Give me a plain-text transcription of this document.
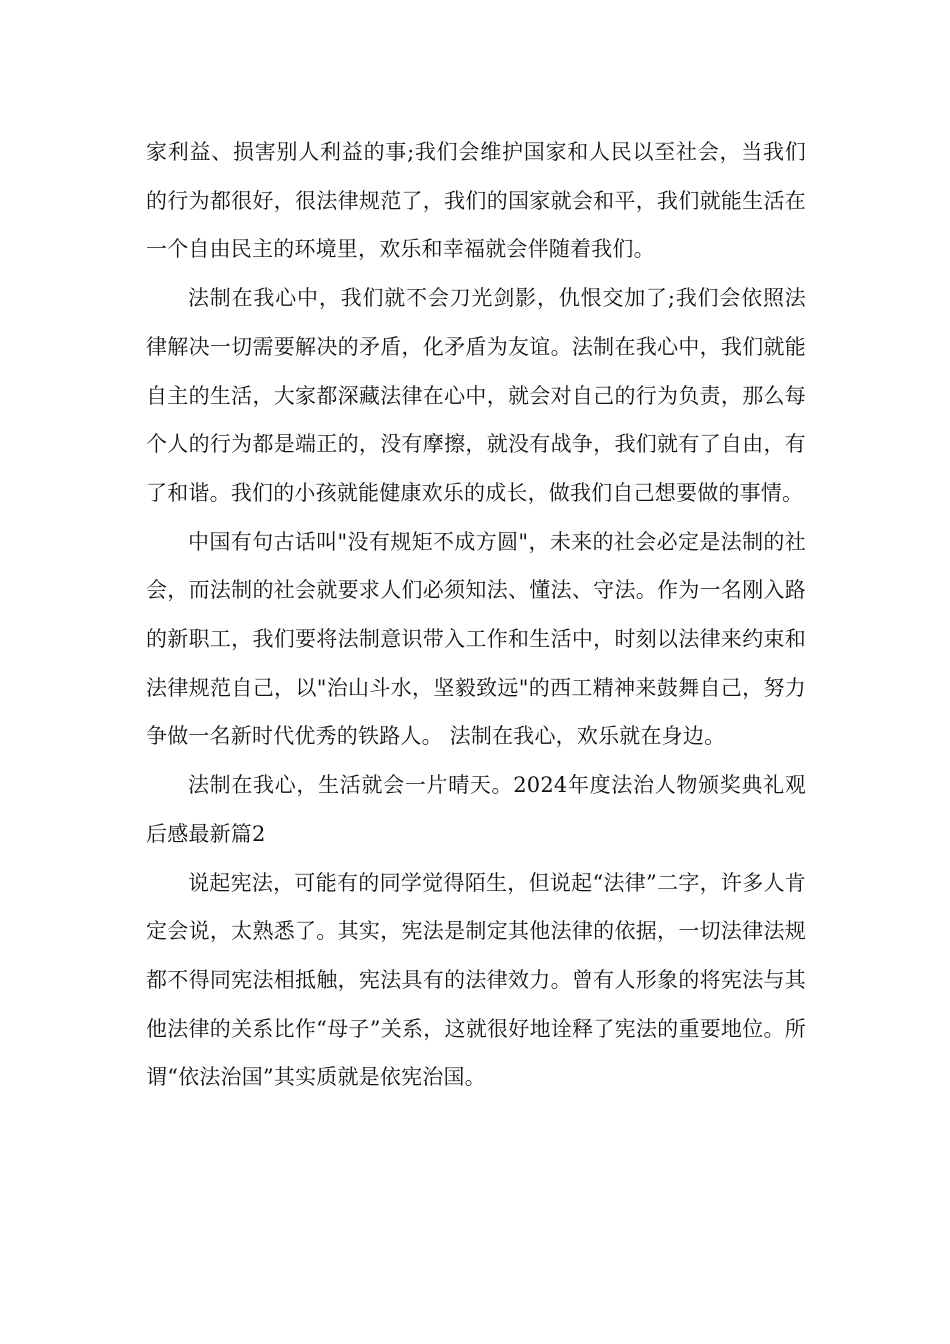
家利益、损害别人利益的事;我们会维护国家和人民以至社会，当我们的行为都很好，很法律规范了，我们的国家就会和平，我们就能生活在一个自由民主的环境里，欢乐和幸福就会伴随着我们。

法制在我心中，我们就不会刀光剑影，仇恨交加了;我们会依照法律解决一切需要解决的矛盾，化矛盾为友谊。法制在我心中，我们就能自主的生活，大家都深藏法律在心中，就会对自己的行为负责，那么每个人的行为都是端正的，没有摩擦，就没有战争，我们就有了自由，有了和谐。我们的小孩就能健康欢乐的成长，做我们自己想要做的事情。

中国有句古话叫"没有规矩不成方圆"，未来的社会必定是法制的社会，而法制的社会就要求人们必须知法、懂法、守法。作为一名刚入路的新职工，我们要将法制意识带入工作和生活中，时刻以法律来约束和法律规范自己，以"治山斗水，坚毅致远"的西工精神来鼓舞自己，努力争做一名新时代优秀的铁路人。 法制在我心，欢乐就在身边。

法制在我心，生活就会一片晴天。2024年度法治人物颁奖典礼观后感最新篇2

说起宪法，可能有的同学觉得陌生，但说起“法律”二字，许多人肯定会说，太熟悉了。其实，宪法是制定其他法律的依据，一切法律法规都不得同宪法相抵触，宪法具有的法律效力。曾有人形象的将宪法与其他法律的关系比作“母子”关系，这就很好地诠释了宪法的重要地位。所谓“依法治国”其实质就是依宪治国。
